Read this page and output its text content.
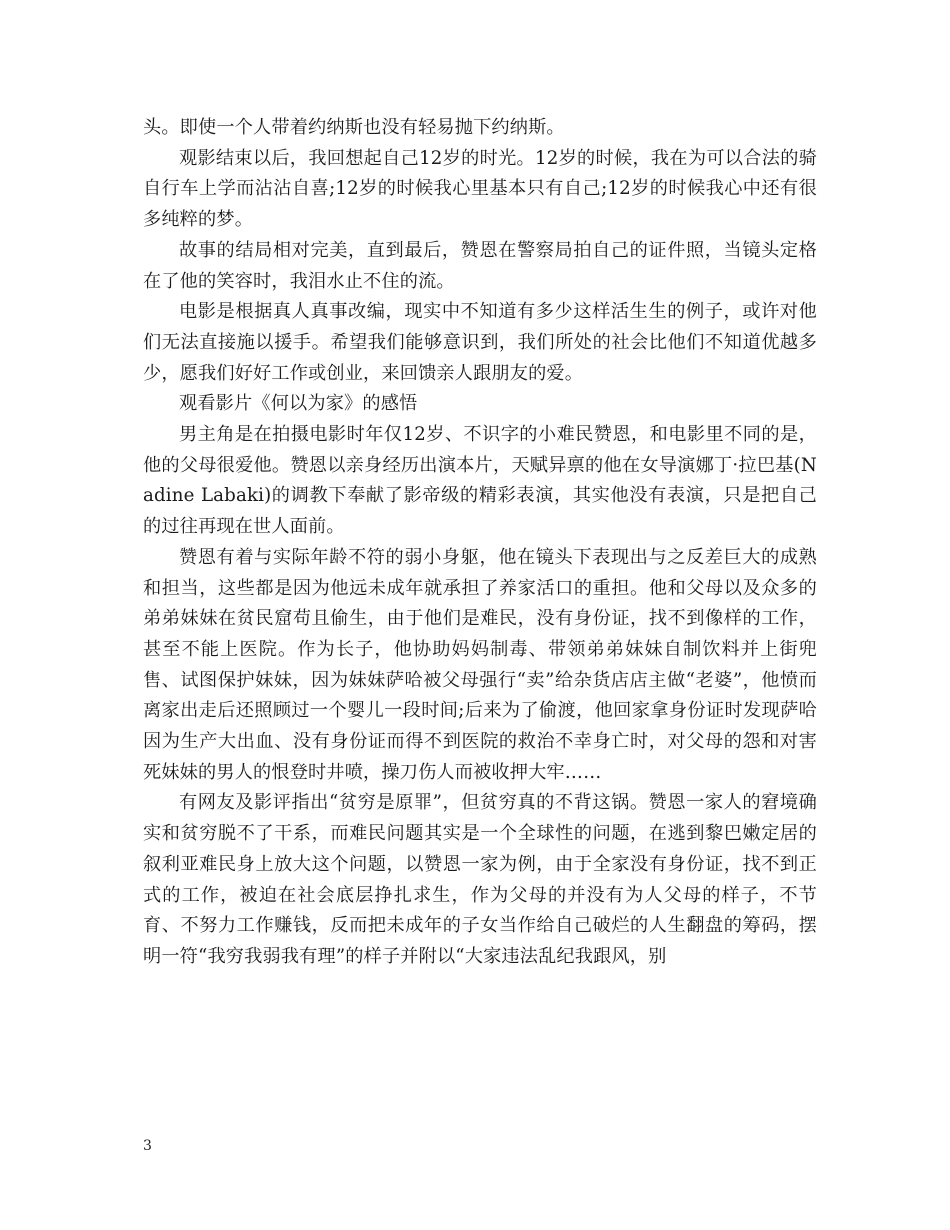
头。即使一个人带着约纳斯也没有轻易抛下约纳斯。

观影结束以后，我回想起自己12岁的时光。12岁的时候，我在为可以合法的骑自行车上学而沾沾自喜;12岁的时候我心里基本只有自己;12岁的时候我心中还有很多纯粹的梦。

故事的结局相对完美，直到最后，赞恩在警察局拍自己的证件照，当镜头定格在了他的笑容时，我泪水止不住的流。

电影是根据真人真事改编，现实中不知道有多少这样活生生的例子，或许对他们无法直接施以援手。希望我们能够意识到，我们所处的社会比他们不知道优越多少，愿我们好好工作或创业，来回馈亲人跟朋友的爱。

观看影片《何以为家》的感悟

男主角是在拍摄电影时年仅12岁、不识字的小难民赞恩，和电影里不同的是，他的父母很爱他。赞恩以亲身经历出演本片，天赋异禀的他在女导演娜丁·拉巴基(Nadine Labaki)的调教下奉献了影帝级的精彩表演，其实他没有表演，只是把自己的过往再现在世人面前。

赞恩有着与实际年龄不符的弱小身躯，他在镜头下表现出与之反差巨大的成熟和担当，这些都是因为他远未成年就承担了养家活口的重担。他和父母以及众多的弟弟妹妹在贫民窟苟且偷生，由于他们是难民，没有身份证，找不到像样的工作，甚至不能上医院。作为长子，他协助妈妈制毒、带领弟弟妹妹自制饮料并上街兜售、试图保护妹妹，因为妹妹萨哈被父母强行“卖”给杂货店店主做“老婆”，他愤而离家出走后还照顾过一个婴儿一段时间;后来为了偷渡，他回家拿身份证时发现萨哈因为生产大出血、没有身份证而得不到医院的救治不幸身亡时，对父母的怨和对害死妹妹的男人的恨登时井喷，操刀伤人而被收押大牢……

有网友及影评指出“贫穷是原罪”，但贫穷真的不背这锅。赞恩一家人的窘境确实和贫穷脱不了干系，而难民问题其实是一个全球性的问题，在逃到黎巴嫩定居的叙利亚难民身上放大这个问题，以赞恩一家为例，由于全家没有身份证，找不到正式的工作，被迫在社会底层挣扎求生，作为父母的并没有为人父母的样子，不节育、不努力工作赚钱，反而把未成年的子女当作给自己破烂的人生翻盘的筹码，摆明一符“我穷我弱我有理”的样子并附以“大家违法乱纪我跟风，别

3
